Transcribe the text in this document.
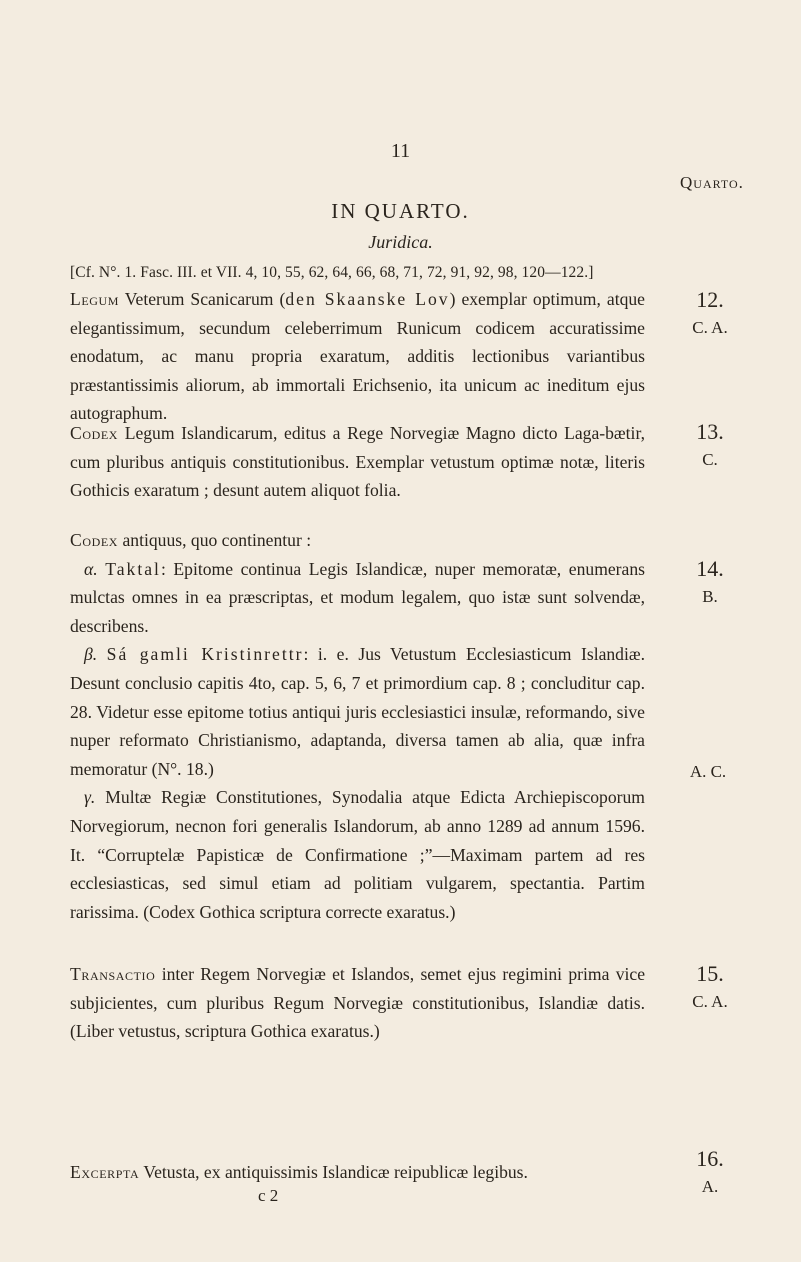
11
Quarto.
IN QUARTO.
Juridica.
[Cf. N°. 1. Fasc. III. et VII. 4, 10, 55, 62, 64, 66, 68, 71, 72, 91, 92, 98, 120—122.]

Legum Veterum Scanicarum (den Skaanske Lov) exemplar optimum, atque elegantissimum, secundum celeberrimum Runicum codicem accuratissime enodatum, ac manu propria exaratum, additis lectionibus variantibus præstantissimis aliorum, ab immortali Erichsenio, ita unicum ac ineditum ejus autographum.

12.
C. A.

Codex Legum Islandicarum, editus a Rege Norvegiæ Magno dicto Laga-bætir, cum pluribus antiquis constitutionibus. Exemplar vetustum optimæ notæ, literis Gothicis exaratum ; desunt autem aliquot folia.

13.
C.

Codex antiquus, quo continentur :

α. Taktal: Epitome continua Legis Islandicæ, nuper memoratæ, enumerans mulctas omnes in ea præscriptas, et modum legalem, quo istæ sunt solvendæ, describens.

β. Sá gamli Kristinrettr: i. e. Jus Vetustum Ecclesiasticum Islandiæ. Desunt conclusio capitis 4to, cap. 5, 6, 7 et primordium cap. 8 ; concluditur cap. 28. Videtur esse epitome totius antiqui juris ecclesiastici insulæ, reformando, sive nuper reformato Christianismo, adaptanda, diversa tamen ab alia, quæ infra memoratur (N°. 18.)

γ. Multæ Regiæ Constitutiones, Synodalia atque Edicta Archiepiscoporum Norvegiorum, necnon fori generalis Islandorum, ab anno 1289 ad annum 1596. It. “Corruptelæ Papisticæ de Confirmatione ;”—Maximam partem ad res ecclesiasticas, sed simul etiam ad politiam vulgarem, spectantia. Partim rarissima. (Codex Gothica scriptura correcte exaratus.)

14.
B.
A. C.

Transactio inter Regem Norvegiæ et Islandos, semet ejus regimini prima vice subjicientes, cum pluribus Regum Norvegiæ constitutionibus, Islandiæ datis. (Liber vetustus, scriptura Gothica exaratus.)

15.
C. A.

Excerpta Vetusta, ex antiquissimis Islandicæ reipublicæ legibus.

16.
A.
c 2
